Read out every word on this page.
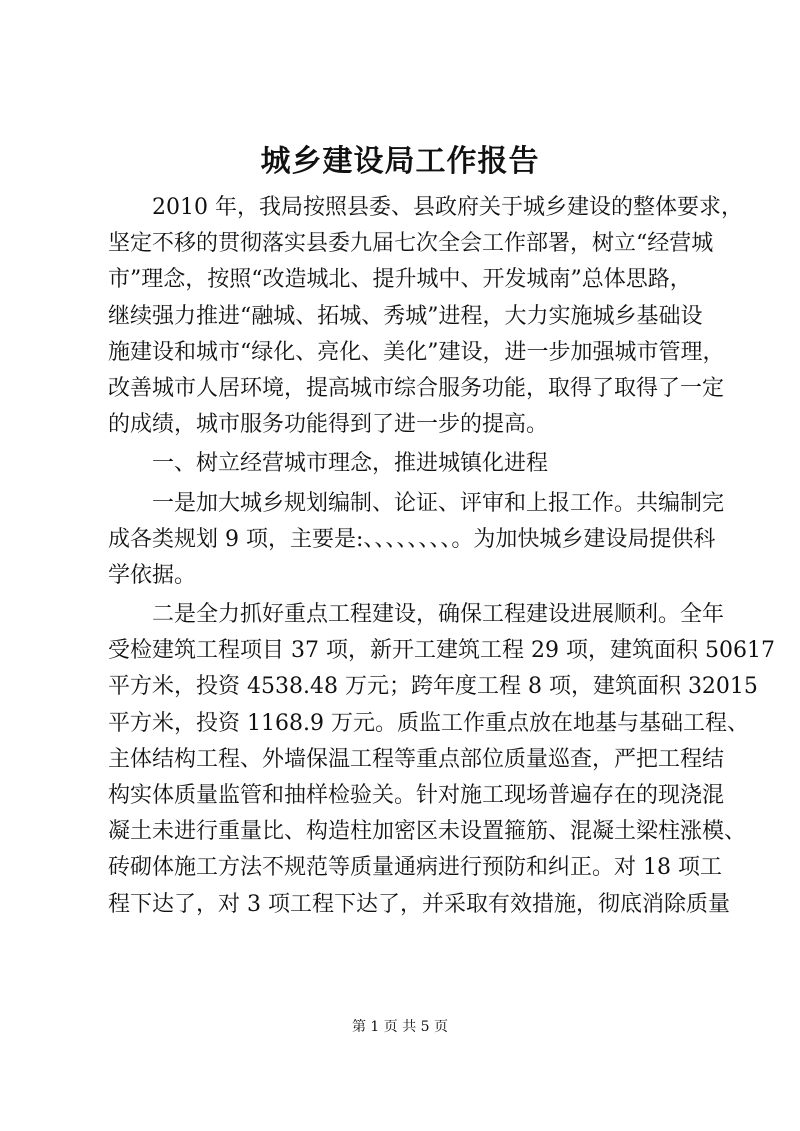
城乡建设局工作报告
2010 年，我局按照县委、县政府关于城乡建设的整体要求，
坚定不移的贯彻落实县委九届七次全会工作部署，树立“经营城
市”理念，按照“改造城北、提升城中、开发城南”总体思路，
继续强力推进“融城、拓城、秀城”进程，大力实施城乡基础设
施建设和城市“绿化、亮化、美化”建设，进一步加强城市管理，
改善城市人居环境，提高城市综合服务功能，取得了取得了一定
的成绩，城市服务功能得到了进一步的提高。
一、树立经营城市理念，推进城镇化进程
一是加大城乡规划编制、论证、评审和上报工作。共编制完
成各类规划 9 项，主要是:、、、、、、、、。为加快城乡建设局提供科
学依据。
二是全力抓好重点工程建设，确保工程建设进展顺利。全年
受检建筑工程项目 37 项，新开工建筑工程 29 项，建筑面积 50617
平方米，投资 4538.48 万元；跨年度工程 8 项，建筑面积 32015
平方米，投资 1168.9 万元。质监工作重点放在地基与基础工程、
主体结构工程、外墙保温工程等重点部位质量巡查，严把工程结
构实体质量监管和抽样检验关。针对施工现场普遍存在的现浇混
凝土未进行重量比、构造柱加密区未设置箍筋、混凝土梁柱涨模、
砖砌体施工方法不规范等质量通病进行预防和纠正。对 18 项工
程下达了，对 3 项工程下达了，并采取有效措施，彻底消除质量
第 1 页 共 5 页
